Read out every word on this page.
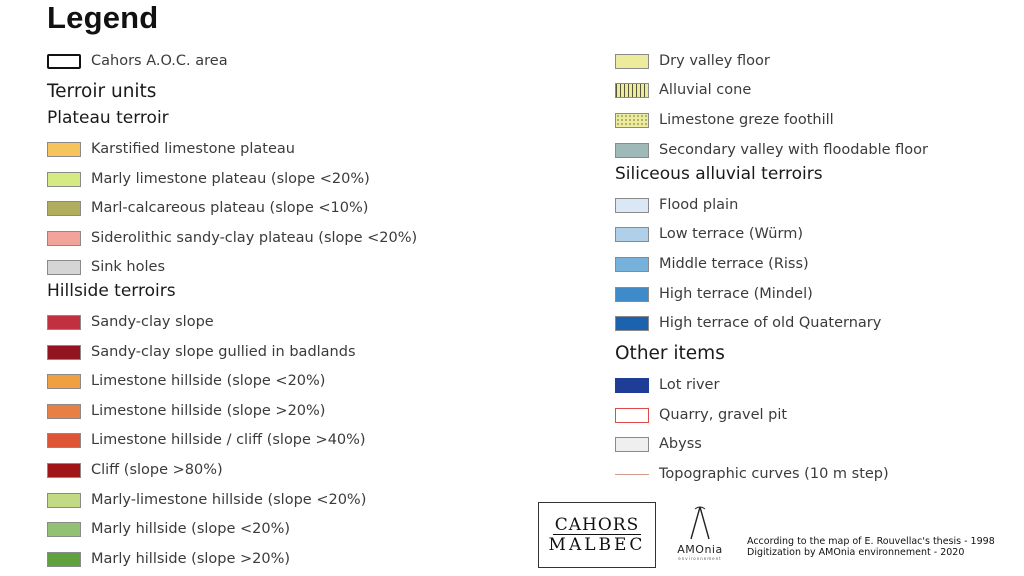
Legend
Cahors A.O.C. area
Terroir units
Plateau terroir
Karstified limestone plateau
Marly limestone plateau (slope <20%)
Marl-calcareous plateau (slope <10%)
Siderolithic sandy-clay plateau (slope <20%)
Sink holes
Hillside terroirs
Sandy-clay slope
Sandy-clay slope gullied in badlands
Limestone hillside (slope <20%)
Limestone hillside (slope >20%)
Limestone hillside / cliff (slope >40%)
Cliff (slope >80%)
Marly-limestone hillside (slope <20%)
Marly hillside (slope <20%)
Marly hillside (slope >20%)
Dry valley floor
Alluvial cone
Limestone greze foothill
Secondary valley with floodable floor
Siliceous alluvial terroirs
Flood plain
Low terrace (Würm)
Middle terrace (Riss)
High terrace (Mindel)
High terrace of old Quaternary
Other items
Lot river
Quarry, gravel pit
Abyss
Topographic curves (10 m step)
CAHORS
MALBEC	AMOnia
environnement
According to the map of E. Rouvellac's thesis - 1998
Digitization by AMOnia environnement - 2020
